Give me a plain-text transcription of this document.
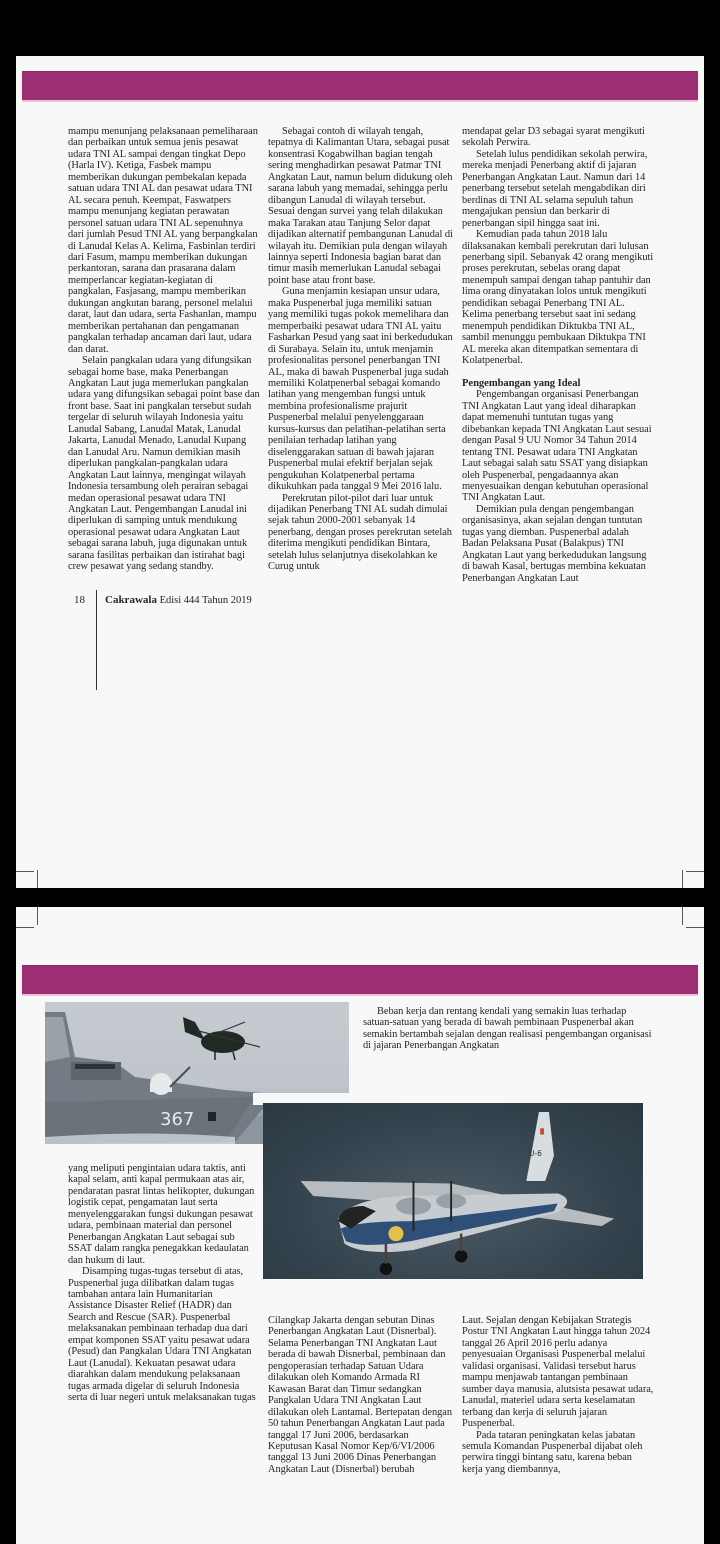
mampu menunjang pelaksanaan pemeliharaan dan perbaikan untuk semua jenis pesawat udara TNI AL sampai dengan tingkat Depo (Harla IV). Ketiga, Fasbek mampu memberikan dukungan pembekalan kepada satuan udara TNI AL dan pesawat udara TNI AL secara penuh. Keempat, Faswatpers mampu menunjang kegiatan perawatan personel satuan udara TNI AL sepenuhnya dari jumlah Pesud TNI AL yang berpangkalan di Lanudal Kelas A. Kelima, Fasbinlan terdiri dari Fasum, mampu memberikan dukungan perkantoran, sarana dan prasarana dalam memperlancar kegiatan-kegiatan di pangkalan, Fasjasang, mampu memberikan dukungan angkutan barang, personel melalui darat, laut dan udara, serta Fashanlan, mampu memberikan pertahanan dan pengamanan pangkalan terhadap ancaman dari laut, udara dan darat.

Selain pangkalan udara yang difungsikan sebagai home base, maka Penerbangan Angkatan Laut juga memerlukan pangkalan udara yang difungsikan sebagai point base dan front base. Saat ini pangkalan tersebut sudah tergelar di seluruh wilayah Indonesia yaitu Lanudal Sabang, Lanudal Matak, Lanudal Jakarta, Lanudal Menado, Lanudal Kupang dan Lanudal Aru. Namun demikian masih diperlukan pangkalan-pangkalan udara Angkatan Laut lainnya, mengingat wilayah Indonesia tersambung oleh perairan sebagai medan operasional pesawat udara TNI Angkatan Laut. Pengembangan Lanudal ini diperlukan di samping untuk mendukung operasional pesawat udara Angkatan Laut sebagai sarana labuh, juga digunakan untuk sarana fasilitas perbaikan dan istirahat bagi crew pesawat yang sedang standby.

Sebagai contoh di wilayah tengah, tepatnya di Kalimantan Utara, sebagai pusat konsentrasi Kogabwilhan bagian tengah sering menghadirkan pesawat Patmar TNI Angkatan Laut, namun belum didukung oleh sarana labuh yang memadai, sehingga perlu dibangun Lanudal di wilayah tersebut. Sesuai dengan survei yang telah dilakukan maka Tarakan atau Tanjung Selor dapat dijadikan alternatif pembangunan Lanudal di wilayah itu. Demikian pula dengan wilayah lainnya seperti Indonesia bagian barat dan timur masih memerlukan Lanudal sebagai point base atau front base.

Guna menjamin kesiapan unsur udara, maka Puspenerbal juga memiliki satuan yang memiliki tugas pokok memelihara dan memperbaiki pesawat udara TNI AL yaitu Fasharkan Pesud yang saat ini berkedudukan di Surabaya. Selain itu, untuk menjamin profesionalitas personel penerbangan TNI AL, maka di bawah Puspenerbal juga sudah memiliki Kolatpenerbal sebagai komando latihan yang mengemban fungsi untuk membina profesionalisme prajurit Puspenerbal melalui penyelenggaraan kursus-kursus dan pelatihan-pelatihan serta penilaian terhadap latihan yang diselenggarakan satuan di bawah jajaran Puspenerbal mulai efektif berjalan sejak pengukuhan Kolatpenerbal pertama dikukuhkan pada tanggal 9 Mei 2016 lalu.

Perekrutan pilot-pilot dari luar untuk dijadikan Penerbang TNI AL sudah dimulai sejak tahun 2000-2001 sebanyak 14 penerbang, dengan proses perekrutan setelah diterima mengikuti pendidikan Bintara, setelah lulus selanjutnya disekolahkan ke Curug untuk

mendapat gelar D3 sebagai syarat mengikuti sekolah Perwira.

Setelah lulus pendidikan sekolah perwira, mereka menjadi Penerbang aktif di jajaran Penerbangan Angkatan Laut. Namun dari 14 penerbang tersebut setelah mengabdikan diri berdinas di TNI AL selama sepuluh tahun mengajukan pensiun dan berkarir di penerbangan sipil hingga saat ini.

Kemudian pada tahun 2018 lalu dilaksanakan kembali perekrutan dari lulusan penerbang sipil. Sebanyak 42 orang mengikuti proses perekrutan, sebelas orang dapat menempuh sampai dengan tahap pantuhir dan lima orang dinyatakan lolos untuk mengikuti pendidikan sebagai Penerbang TNI AL. Kelima penerbang tersebut saat ini sedang menempuh pendidikan Diktukba TNI AL, sambil menunggu pembukaan Diktukpa TNI AL mereka akan ditempatkan sementara di Kolatpenerbal.

Pengembangan yang Ideal

Pengembangan organisasi Penerbangan TNI Angkatan Laut yang ideal diharapkan dapat memenuhi tuntutan tugas yang dibebankan kepada TNI Angkatan Laut sesuai dengan Pasal 9 UU Nomor 34 Tahun 2014 tentang TNI. Pesawat udara TNI Angkatan Laut sebagai salah satu SSAT yang disiapkan oleh Puspenerbal, pengadaannya akan menyesuaikan dengan kebutuhan operasional TNI Angkatan Laut.

Demikian pula dengan pengembangan organisasinya, akan sejalan dengan tuntutan tugas yang diemban. Puspenerbal adalah Badan Pelaksana Pusat (Balakpus) TNI Angkatan Laut yang berkedudukan langsung di bawah Kasal, bertugas membina kekuatan Penerbangan Angkatan Laut

18 Cakrawala Edisi 444 Tahun 2019
367
U-6

Beban kerja dan rentang kendali yang semakin luas terhadap satuan-satuan yang berada di bawah pembinaan Puspenerbal akan semakin bertambah sejalan dengan realisasi pengembangan organisasi di jajaran Penerbangan Angkatan

yang meliputi pengintaian udara taktis, anti kapal selam, anti kapal permukaan atas air, pendaratan pasrat lintas helikopter, dukungan logistik cepat, pengamatan laut serta menyelenggarakan fungsi dukungan pesawat udara, pembinaan material dan personel Penerbangan Angkatan Laut sebagai sub SSAT dalam rangka penegakkan kedaulatan dan hukum di laut.

Disamping tugas-tugas tersebut di atas, Puspenerbal juga dilibatkan dalam tugas tambahan antara lain Humanitarian Assistance Disaster Relief (HADR) dan Search and Rescue (SAR). Puspenerbal melaksanakan pembinaan terhadap dua dari empat komponen SSAT yaitu pesawat udara (Pesud) dan Pangkalan Udara TNI Angkatan Laut (Lanudal). Kekuatan pesawat udara diarahkan dalam mendukung pelaksanaan tugas armada digelar di seluruh Indonesia serta di luar negeri untuk melaksanakan tugas

Cilangkap Jakarta dengan sebutan Dinas Penerbangan Angkatan Laut (Disnerbal). Selama Penerbangan TNI Angkatan Laut berada di bawah Disnerbal, pembinaan dan pengoperasian terhadap Satuan Udara dilakukan oleh Komando Armada RI Kawasan Barat dan Timur sedangkan Pangkalan Udara TNI Angkatan Laut dilakukan oleh Lantamal. Bertepatan dengan 50 tahun Penerbangan Angkatan Laut pada tanggal 17 Juni 2006, berdasarkan Keputusan Kasal Nomor Kep/6/VI/2006 tanggal 13 Juni 2006 Dinas Penerbangan Angkatan Laut (Disnerbal) berubah

Laut. Sejalan dengan Kebijakan Strategis Postur TNI Angkatan Laut hingga tahun 2024 tanggal 26 April 2016 perlu adanya penyesuaian Organisasi Puspenerbal melalui validasi organisasi. Validasi tersebut harus mampu menjawab tantangan pembinaan sumber daya manusia, alutsista pesawat udara, Lanudal, materiel udara serta keselamatan terbang dan kerja di seluruh jajaran Puspenerbal.

Pada tataran peningkatan kelas jabatan semula Komandan Puspenerbal dijabat oleh perwira tinggi bintang satu, karena beban kerja yang diembannya,
